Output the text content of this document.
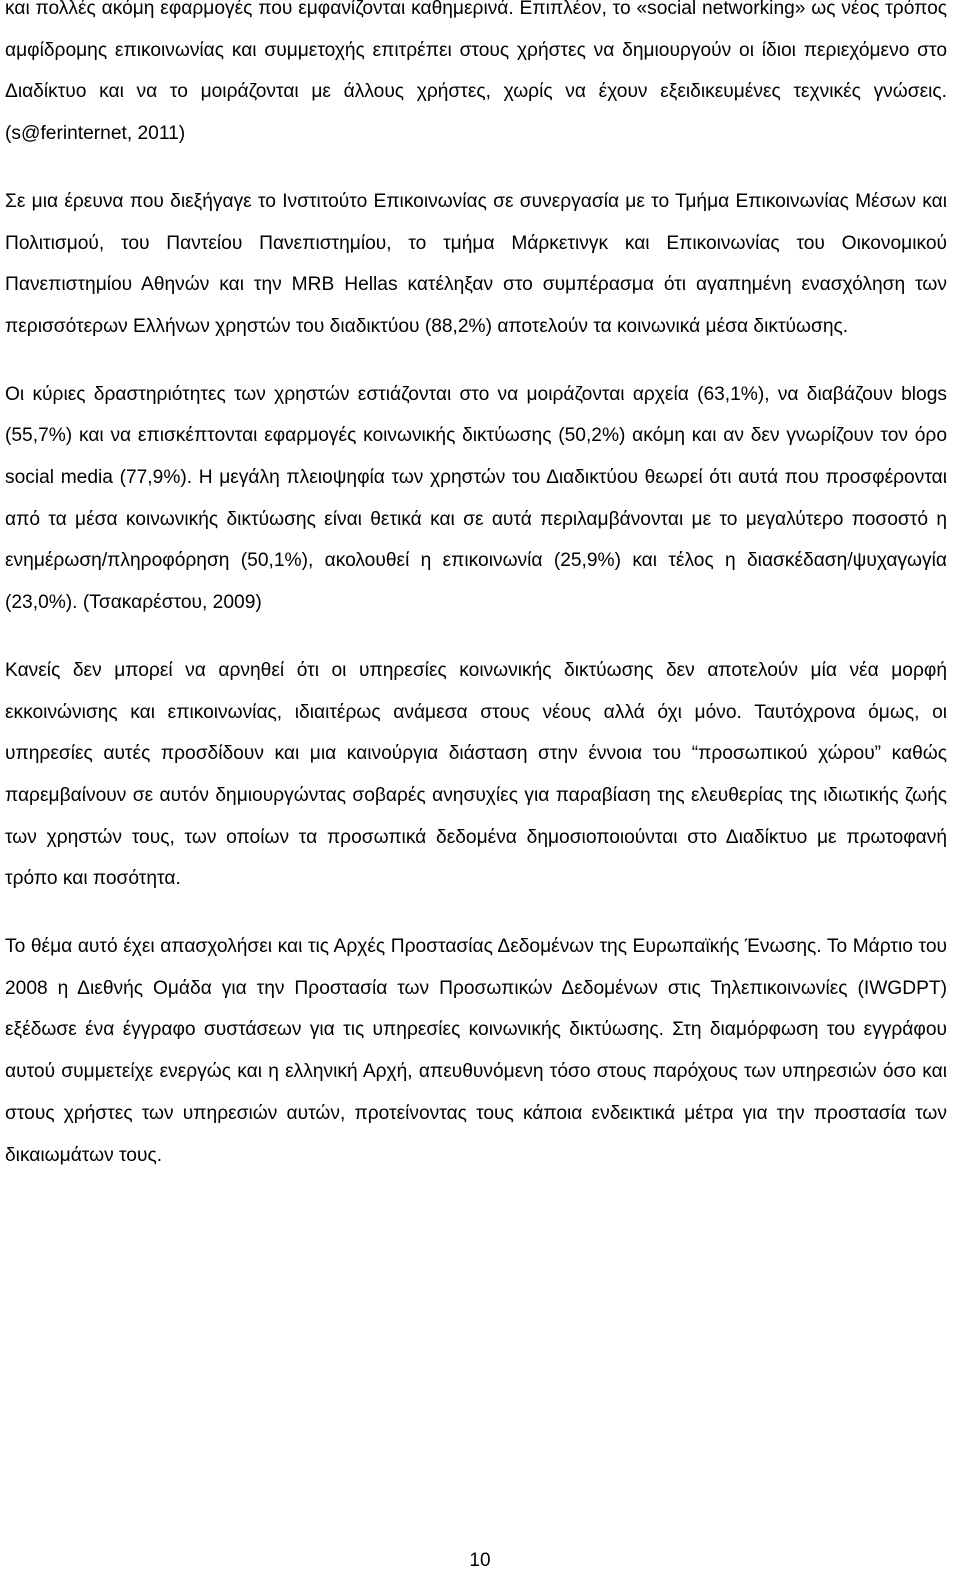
και πολλές ακόμη εφαρμογές που εμφανίζονται καθημερινά. Επιπλέον, το «social networking» ως νέος τρόπος αμφίδρομης επικοινωνίας και συμμετοχής επιτρέπει στους χρήστες να δημιουργούν οι ίδιοι περιεχόμενο στο Διαδίκτυο και να το μοιράζονται με άλλους χρήστες, χωρίς να έχουν εξειδικευμένες τεχνικές γνώσεις. (s@ferinternet, 2011)

Σε μια έρευνα που διεξήγαγε το Ινστιτούτο Επικοινωνίας σε συνεργασία με το Τμήμα Επικοινωνίας Μέσων και Πολιτισμού, του Παντείου Πανεπιστημίου, το τμήμα Μάρκετινγκ και Επικοινωνίας του Οικονομικού Πανεπιστημίου Αθηνών και την MRB Hellas κατέληξαν στο συμπέρασμα ότι αγαπημένη ενασχόληση των περισσότερων Ελλήνων χρηστών του διαδικτύου (88,2%) αποτελούν τα κοινωνικά μέσα δικτύωσης.

Οι κύριες δραστηριότητες των χρηστών εστιάζονται στο να μοιράζονται αρχεία (63,1%), να διαβάζουν blogs (55,7%) και να επισκέπτονται εφαρμογές κοινωνικής δικτύωσης (50,2%) ακόμη και αν δεν γνωρίζουν τον όρο social media (77,9%). Η μεγάλη πλειοψηφία των χρηστών του Διαδικτύου θεωρεί ότι αυτά που προσφέρονται από τα μέσα κοινωνικής δικτύωσης είναι θετικά και σε αυτά περιλαμβάνονται με το μεγαλύτερο ποσοστό η ενημέρωση/πληροφόρηση (50,1%), ακολουθεί η επικοινωνία (25,9%) και τέλος η διασκέδαση/ψυχαγωγία (23,0%). (Τσακαρέστου, 2009)

Κανείς δεν μπορεί να αρνηθεί ότι οι υπηρεσίες κοινωνικής δικτύωσης δεν αποτελούν μία νέα μορφή εκκοινώνισης και επικοινωνίας, ιδιαιτέρως ανάμεσα στους νέους αλλά όχι μόνο. Ταυτόχρονα όμως, οι υπηρεσίες αυτές προσδίδουν και μια καινούργια διάσταση στην έννοια του “προσωπικού χώρου” καθώς παρεμβαίνουν σε αυτόν δημιουργώντας σοβαρές ανησυχίες για παραβίαση της ελευθερίας της ιδιωτικής ζωής των χρηστών τους, των οποίων τα προσωπικά δεδομένα δημοσιοποιούνται στο Διαδίκτυο με πρωτοφανή τρόπο και ποσότητα.

Το θέμα αυτό έχει απασχολήσει και τις Αρχές Προστασίας Δεδομένων της Ευρωπαϊκής Ένωσης. Το Μάρτιο του 2008 η Διεθνής Ομάδα για την Προστασία των Προσωπικών Δεδομένων στις Τηλεπικοινωνίες (IWGDPT) εξέδωσε ένα έγγραφο συστάσεων για τις υπηρεσίες κοινωνικής δικτύωσης. Στη διαμόρφωση του εγγράφου αυτού συμμετείχε ενεργώς και η ελληνική Αρχή, απευθυνόμενη τόσο στους παρόχους των υπηρεσιών όσο και στους χρήστες των υπηρεσιών αυτών, προτείνοντας τους κάποια ενδεικτικά μέτρα για την προστασία των δικαιωμάτων τους.

10
